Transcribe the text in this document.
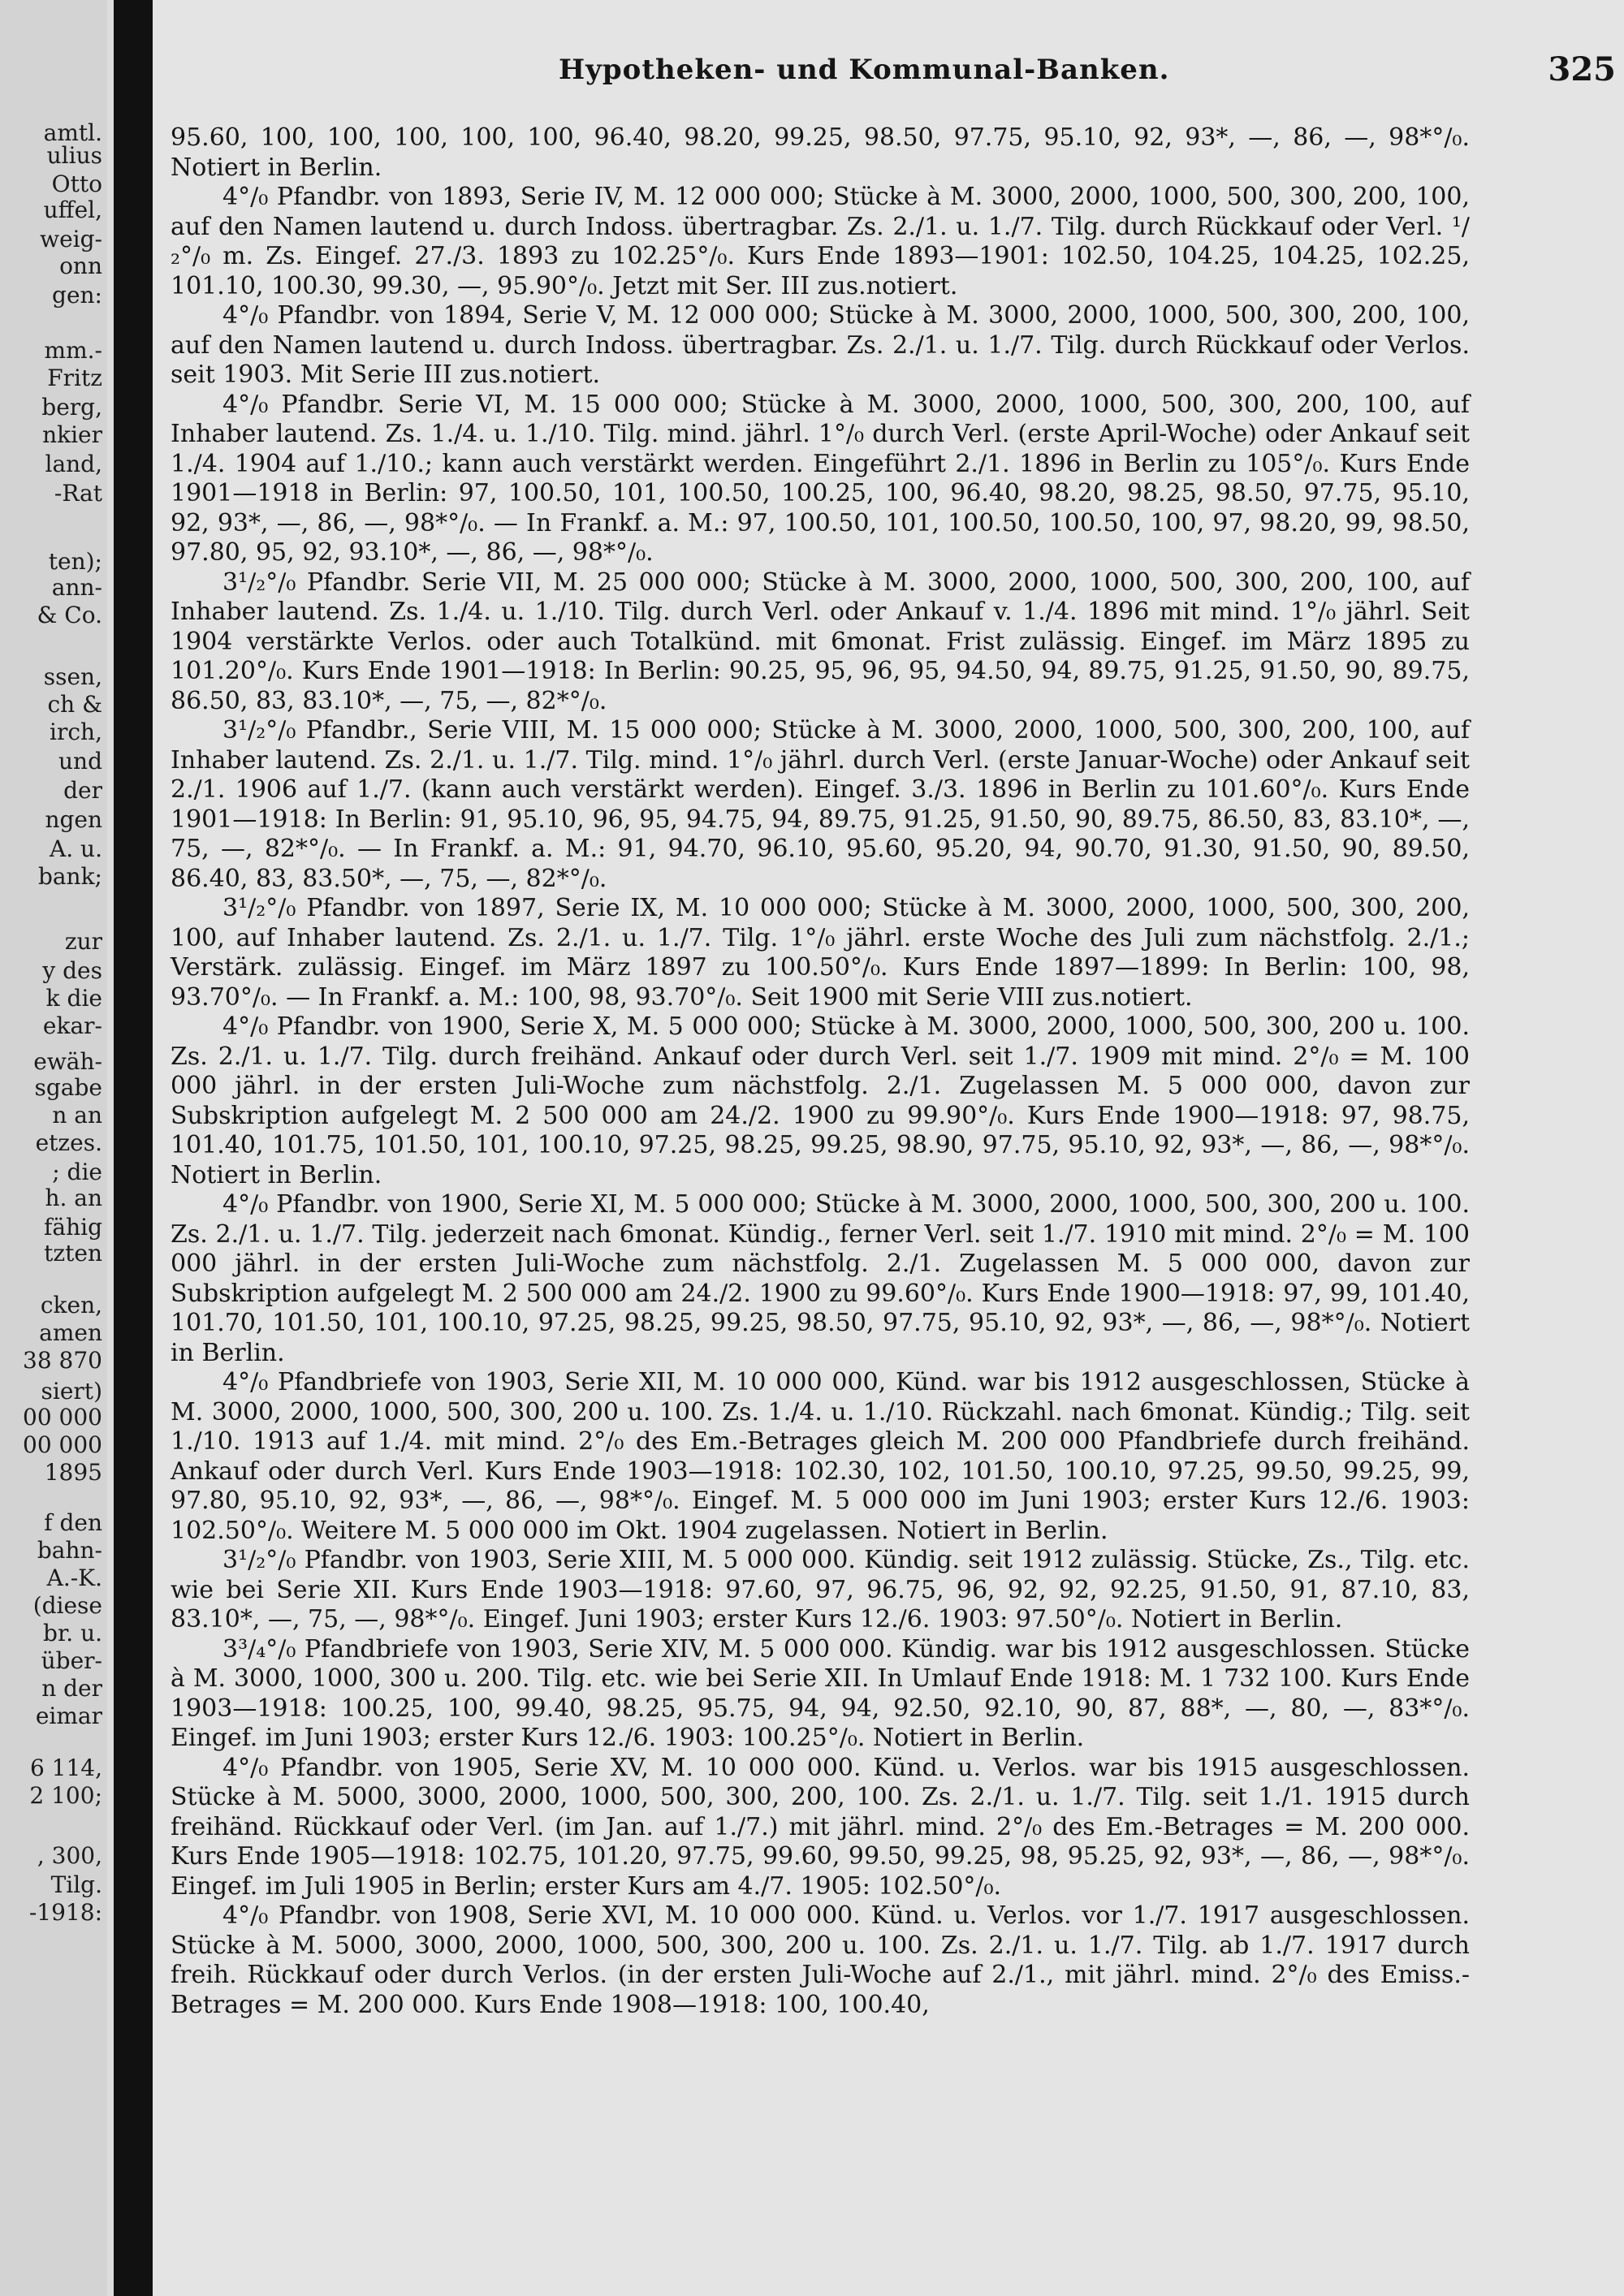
amtl.
ulius
Otto
uffel,
weig-
onn
gen:
mm.-
Fritz
berg,
nkier
land,
-Rat
ten);
ann-
& Co.
ssen,
ch &
irch,
und
der
ngen
A. u.
bank;
zur
y des
k die
ekar-
ewäh-
sgabe
n an
etzes.
; die
h. an
fähig
tzten
cken,
amen
38 870
siert)
00 000
00 000
1895
f den
bahn-
A.-K.
(diese
br. u.
über-
n der
eimar
6 114,
2 100;
, 300,
Tilg.
-1918:
Hypotheken- und Kommunal-Banken.	325

95.60, 100, 100, 100, 100, 100, 96.40, 98.20, 99.25, 98.50, 97.75, 95.10, 92, 93*, —, 86, —, 98*°/₀. Notiert in Berlin.

4°/₀ Pfandbr. von 1893, Serie IV, M. 12 000 000; Stücke à M. 3000, 2000, 1000, 500, 300, 200, 100, auf den Namen lautend u. durch Indoss. übertragbar. Zs. 2./1. u. 1./7. Tilg. durch Rückkauf oder Verl. ¹/₂°/₀ m. Zs. Eingef. 27./3. 1893 zu 102.25°/₀. Kurs Ende 1893—1901: 102.50, 104.25, 104.25, 102.25, 101.10, 100.30, 99.30, —, 95.90°/₀. Jetzt mit Ser. III zus.notiert.

4°/₀ Pfandbr. von 1894, Serie V, M. 12 000 000; Stücke à M. 3000, 2000, 1000, 500, 300, 200, 100, auf den Namen lautend u. durch Indoss. übertragbar. Zs. 2./1. u. 1./7. Tilg. durch Rückkauf oder Verlos. seit 1903. Mit Serie III zus.notiert.

4°/₀ Pfandbr. Serie VI, M. 15 000 000; Stücke à M. 3000, 2000, 1000, 500, 300, 200, 100, auf Inhaber lautend. Zs. 1./4. u. 1./10. Tilg. mind. jährl. 1°/₀ durch Verl. (erste April-Woche) oder Ankauf seit 1./4. 1904 auf 1./10.; kann auch verstärkt werden. Eingeführt 2./1. 1896 in Berlin zu 105°/₀. Kurs Ende 1901—1918 in Berlin: 97, 100.50, 101, 100.50, 100.25, 100, 96.40, 98.20, 98.25, 98.50, 97.75, 95.10, 92, 93*, —, 86, —, 98*°/₀. — In Frankf. a. M.: 97, 100.50, 101, 100.50, 100.50, 100, 97, 98.20, 99, 98.50, 97.80, 95, 92, 93.10*, —, 86, —, 98*°/₀.

3¹/₂°/₀ Pfandbr. Serie VII, M. 25 000 000; Stücke à M. 3000, 2000, 1000, 500, 300, 200, 100, auf Inhaber lautend. Zs. 1./4. u. 1./10. Tilg. durch Verl. oder Ankauf v. 1./4. 1896 mit mind. 1°/₀ jährl. Seit 1904 verstärkte Verlos. oder auch Totalkünd. mit 6monat. Frist zulässig. Eingef. im März 1895 zu 101.20°/₀. Kurs Ende 1901—1918: In Berlin: 90.25, 95, 96, 95, 94.50, 94, 89.75, 91.25, 91.50, 90, 89.75, 86.50, 83, 83.10*, —, 75, —, 82*°/₀.

3¹/₂°/₀ Pfandbr., Serie VIII, M. 15 000 000; Stücke à M. 3000, 2000, 1000, 500, 300, 200, 100, auf Inhaber lautend. Zs. 2./1. u. 1./7. Tilg. mind. 1°/₀ jährl. durch Verl. (erste Januar-Woche) oder Ankauf seit 2./1. 1906 auf 1./7. (kann auch verstärkt werden). Eingef. 3./3. 1896 in Berlin zu 101.60°/₀. Kurs Ende 1901—1918: In Berlin: 91, 95.10, 96, 95, 94.75, 94, 89.75, 91.25, 91.50, 90, 89.75, 86.50, 83, 83.10*, —, 75, —, 82*°/₀. — In Frankf. a. M.: 91, 94.70, 96.10, 95.60, 95.20, 94, 90.70, 91.30, 91.50, 90, 89.50, 86.40, 83, 83.50*, —, 75, —, 82*°/₀.

3¹/₂°/₀ Pfandbr. von 1897, Serie IX, M. 10 000 000; Stücke à M. 3000, 2000, 1000, 500, 300, 200, 100, auf Inhaber lautend. Zs. 2./1. u. 1./7. Tilg. 1°/₀ jährl. erste Woche des Juli zum nächstfolg. 2./1.; Verstärk. zulässig. Eingef. im März 1897 zu 100.50°/₀. Kurs Ende 1897—1899: In Berlin: 100, 98, 93.70°/₀. — In Frankf. a. M.: 100, 98, 93.70°/₀. Seit 1900 mit Serie VIII zus.notiert.

4°/₀ Pfandbr. von 1900, Serie X, M. 5 000 000; Stücke à M. 3000, 2000, 1000, 500, 300, 200 u. 100. Zs. 2./1. u. 1./7. Tilg. durch freihänd. Ankauf oder durch Verl. seit 1./7. 1909 mit mind. 2°/₀ = M. 100 000 jährl. in der ersten Juli-Woche zum nächstfolg. 2./1. Zugelassen M. 5 000 000, davon zur Subskription aufgelegt M. 2 500 000 am 24./2. 1900 zu 99.90°/₀. Kurs Ende 1900—1918: 97, 98.75, 101.40, 101.75, 101.50, 101, 100.10, 97.25, 98.25, 99.25, 98.90, 97.75, 95.10, 92, 93*, —, 86, —, 98*°/₀. Notiert in Berlin.

4°/₀ Pfandbr. von 1900, Serie XI, M. 5 000 000; Stücke à M. 3000, 2000, 1000, 500, 300, 200 u. 100. Zs. 2./1. u. 1./7. Tilg. jederzeit nach 6monat. Kündig., ferner Verl. seit 1./7. 1910 mit mind. 2°/₀ = M. 100 000 jährl. in der ersten Juli-Woche zum nächstfolg. 2./1. Zugelassen M. 5 000 000, davon zur Subskription aufgelegt M. 2 500 000 am 24./2. 1900 zu 99.60°/₀. Kurs Ende 1900—1918: 97, 99, 101.40, 101.70, 101.50, 101, 100.10, 97.25, 98.25, 99.25, 98.50, 97.75, 95.10, 92, 93*, —, 86, —, 98*°/₀. Notiert in Berlin.

4°/₀ Pfandbriefe von 1903, Serie XII, M. 10 000 000, Künd. war bis 1912 ausgeschlossen, Stücke à M. 3000, 2000, 1000, 500, 300, 200 u. 100. Zs. 1./4. u. 1./10. Rückzahl. nach 6monat. Kündig.; Tilg. seit 1./10. 1913 auf 1./4. mit mind. 2°/₀ des Em.-Betrages gleich M. 200 000 Pfandbriefe durch freihänd. Ankauf oder durch Verl. Kurs Ende 1903—1918: 102.30, 102, 101.50, 100.10, 97.25, 99.50, 99.25, 99, 97.80, 95.10, 92, 93*, —, 86, —, 98*°/₀. Eingef. M. 5 000 000 im Juni 1903; erster Kurs 12./6. 1903: 102.50°/₀. Weitere M. 5 000 000 im Okt. 1904 zugelassen. Notiert in Berlin.

3¹/₂°/₀ Pfandbr. von 1903, Serie XIII, M. 5 000 000. Kündig. seit 1912 zulässig. Stücke, Zs., Tilg. etc. wie bei Serie XII. Kurs Ende 1903—1918: 97.60, 97, 96.75, 96, 92, 92, 92.25, 91.50, 91, 87.10, 83, 83.10*, —, 75, —, 98*°/₀. Eingef. Juni 1903; erster Kurs 12./6. 1903: 97.50°/₀. Notiert in Berlin.

3³/₄°/₀ Pfandbriefe von 1903, Serie XIV, M. 5 000 000. Kündig. war bis 1912 ausgeschlossen. Stücke à M. 3000, 1000, 300 u. 200. Tilg. etc. wie bei Serie XII. In Umlauf Ende 1918: M. 1 732 100. Kurs Ende 1903—1918: 100.25, 100, 99.40, 98.25, 95.75, 94, 94, 92.50, 92.10, 90, 87, 88*, —, 80, —, 83*°/₀. Eingef. im Juni 1903; erster Kurs 12./6. 1903: 100.25°/₀. Notiert in Berlin.

4°/₀ Pfandbr. von 1905, Serie XV, M. 10 000 000. Künd. u. Verlos. war bis 1915 ausgeschlossen. Stücke à M. 5000, 3000, 2000, 1000, 500, 300, 200, 100. Zs. 2./1. u. 1./7. Tilg. seit 1./1. 1915 durch freihänd. Rückkauf oder Verl. (im Jan. auf 1./7.) mit jährl. mind. 2°/₀ des Em.-Betrages = M. 200 000. Kurs Ende 1905—1918: 102.75, 101.20, 97.75, 99.60, 99.50, 99.25, 98, 95.25, 92, 93*, —, 86, —, 98*°/₀. Eingef. im Juli 1905 in Berlin; erster Kurs am 4./7. 1905: 102.50°/₀.

4°/₀ Pfandbr. von 1908, Serie XVI, M. 10 000 000. Künd. u. Verlos. vor 1./7. 1917 ausgeschlossen. Stücke à M. 5000, 3000, 2000, 1000, 500, 300, 200 u. 100. Zs. 2./1. u. 1./7. Tilg. ab 1./7. 1917 durch freih. Rückkauf oder durch Verlos. (in der ersten Juli-Woche auf 2./1., mit jährl. mind. 2°/₀ des Emiss.-Betrages = M. 200 000. Kurs Ende 1908—1918: 100, 100.40,
